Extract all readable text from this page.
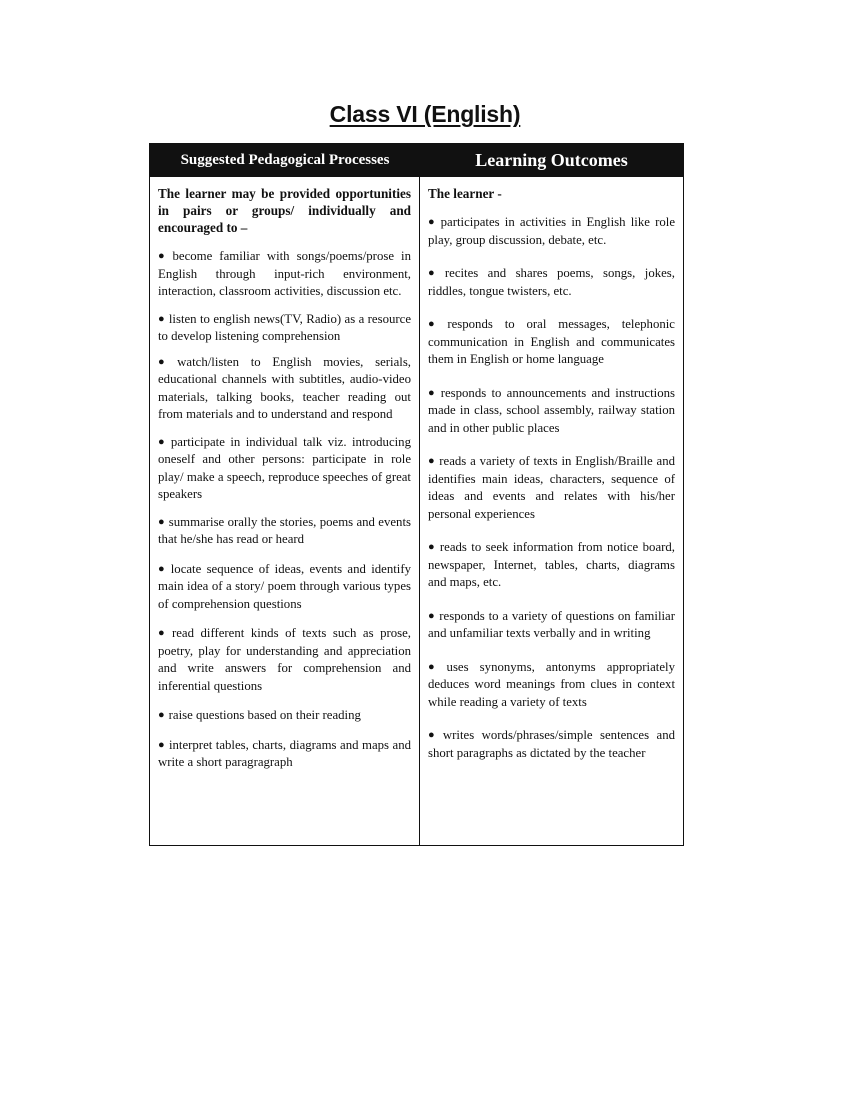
Class VI (English)
Suggested Pedagogical Processes	Learning Outcomes
The learner may be provided opportunities in pairs or groups/ individually and encouraged to –
● become familiar with songs/poems/prose in English through input-rich environment, interaction, classroom activities, discussion etc.
● listen to english news(TV, Radio) as a resource to develop listening comprehension
● watch/listen to English movies, serials, educational channels with subtitles, audio-video materials, talking books, teacher reading out from materials and to understand and respond
● participate in individual talk viz. introducing oneself and other persons: participate in role play/ make a speech, reproduce speeches of great speakers
● summarise orally the stories, poems and events that he/she has read or heard
● locate sequence of ideas, events and identify main idea of a story/ poem through various types of comprehension questions
● read different kinds of texts such as prose, poetry, play for understanding and appreciation and write answers for comprehension and inferential questions
● raise questions based on their reading
● interpret tables, charts, diagrams and maps and write a short paragragraph
The learner -
● participates in activities in English like role play, group discussion, debate, etc.
● recites and shares poems, songs, jokes, riddles, tongue twisters, etc.
● responds to oral messages, telephonic communication in English and communicates them in English or home language
● responds to announcements and instructions made in class, school assembly, railway station and in other public places
● reads a variety of texts in English/Braille and identifies main ideas, characters, sequence of ideas and events and relates with his/her personal experiences
● reads to seek information from notice board, newspaper, Internet, tables, charts, diagrams and maps, etc.
● responds to a variety of questions on familiar and unfamiliar texts verbally and in writing
● uses synonyms, antonyms appropriately deduces word meanings from clues in context while reading a variety of texts
● writes words/phrases/simple sentences and short paragraphs as dictated by the teacher
